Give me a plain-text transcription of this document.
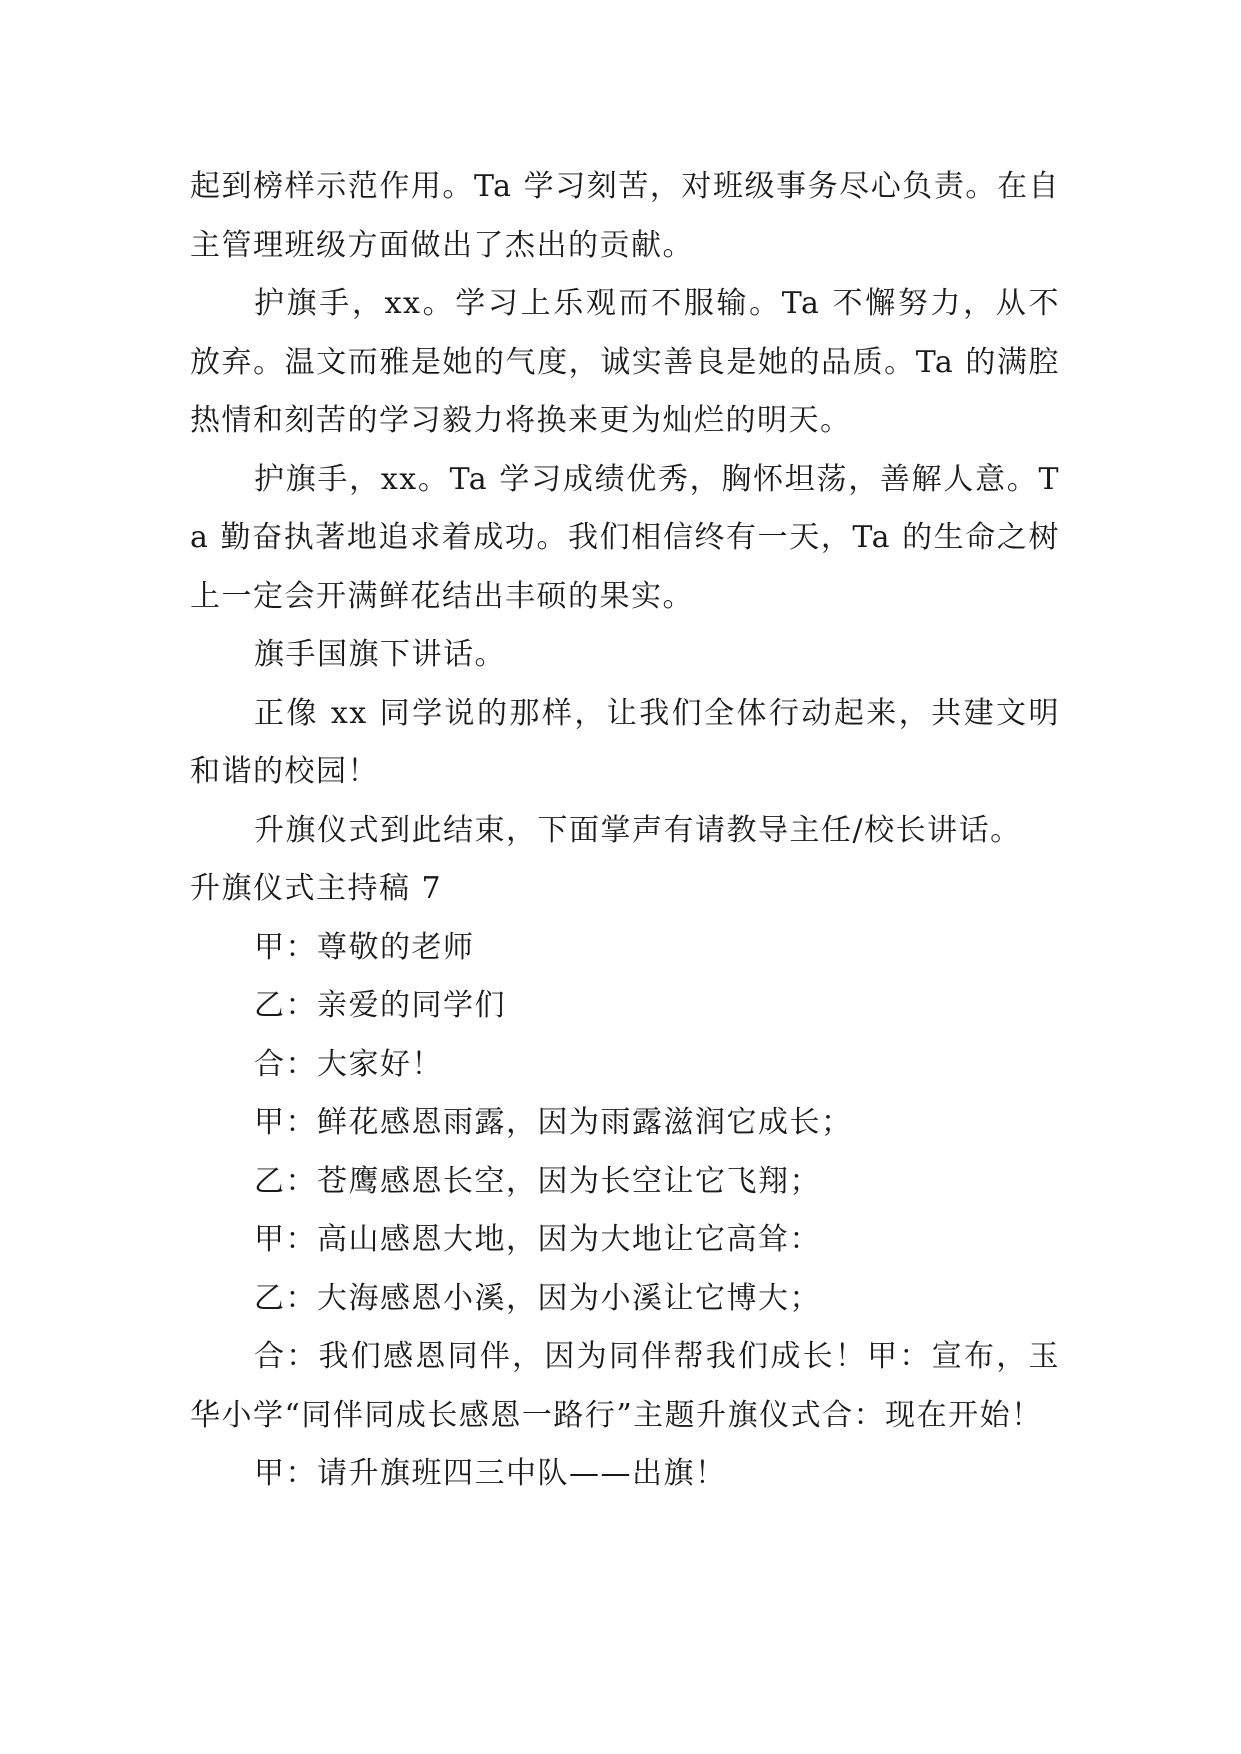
起到榜样示范作用。Ta 学习刻苦，对班级事务尽心负责。在自主管理班级方面做出了杰出的贡献。

护旗手，xx。学习上乐观而不服输。Ta 不懈努力，从不放弃。温文而雅是她的气度，诚实善良是她的品质。Ta 的满腔热情和刻苦的学习毅力将换来更为灿烂的明天。

护旗手，xx。Ta 学习成绩优秀，胸怀坦荡，善解人意。Ta 勤奋执著地追求着成功。我们相信终有一天，Ta 的生命之树上一定会开满鲜花结出丰硕的果实。

旗手国旗下讲话。

正像 xx 同学说的那样，让我们全体行动起来，共建文明和谐的校园！

升旗仪式到此结束，下面掌声有请教导主任/校长讲话。

升旗仪式主持稿 7

甲：尊敬的老师

乙：亲爱的同学们

合：大家好！

甲：鲜花感恩雨露，因为雨露滋润它成长；

乙：苍鹰感恩长空，因为长空让它飞翔；

甲：高山感恩大地，因为大地让它高耸：

乙：大海感恩小溪，因为小溪让它博大；

合：我们感恩同伴，因为同伴帮我们成长！甲：宣布，玉华小学“同伴同成长感恩一路行”主题升旗仪式合：现在开始！

甲：请升旗班四三中队——出旗！
